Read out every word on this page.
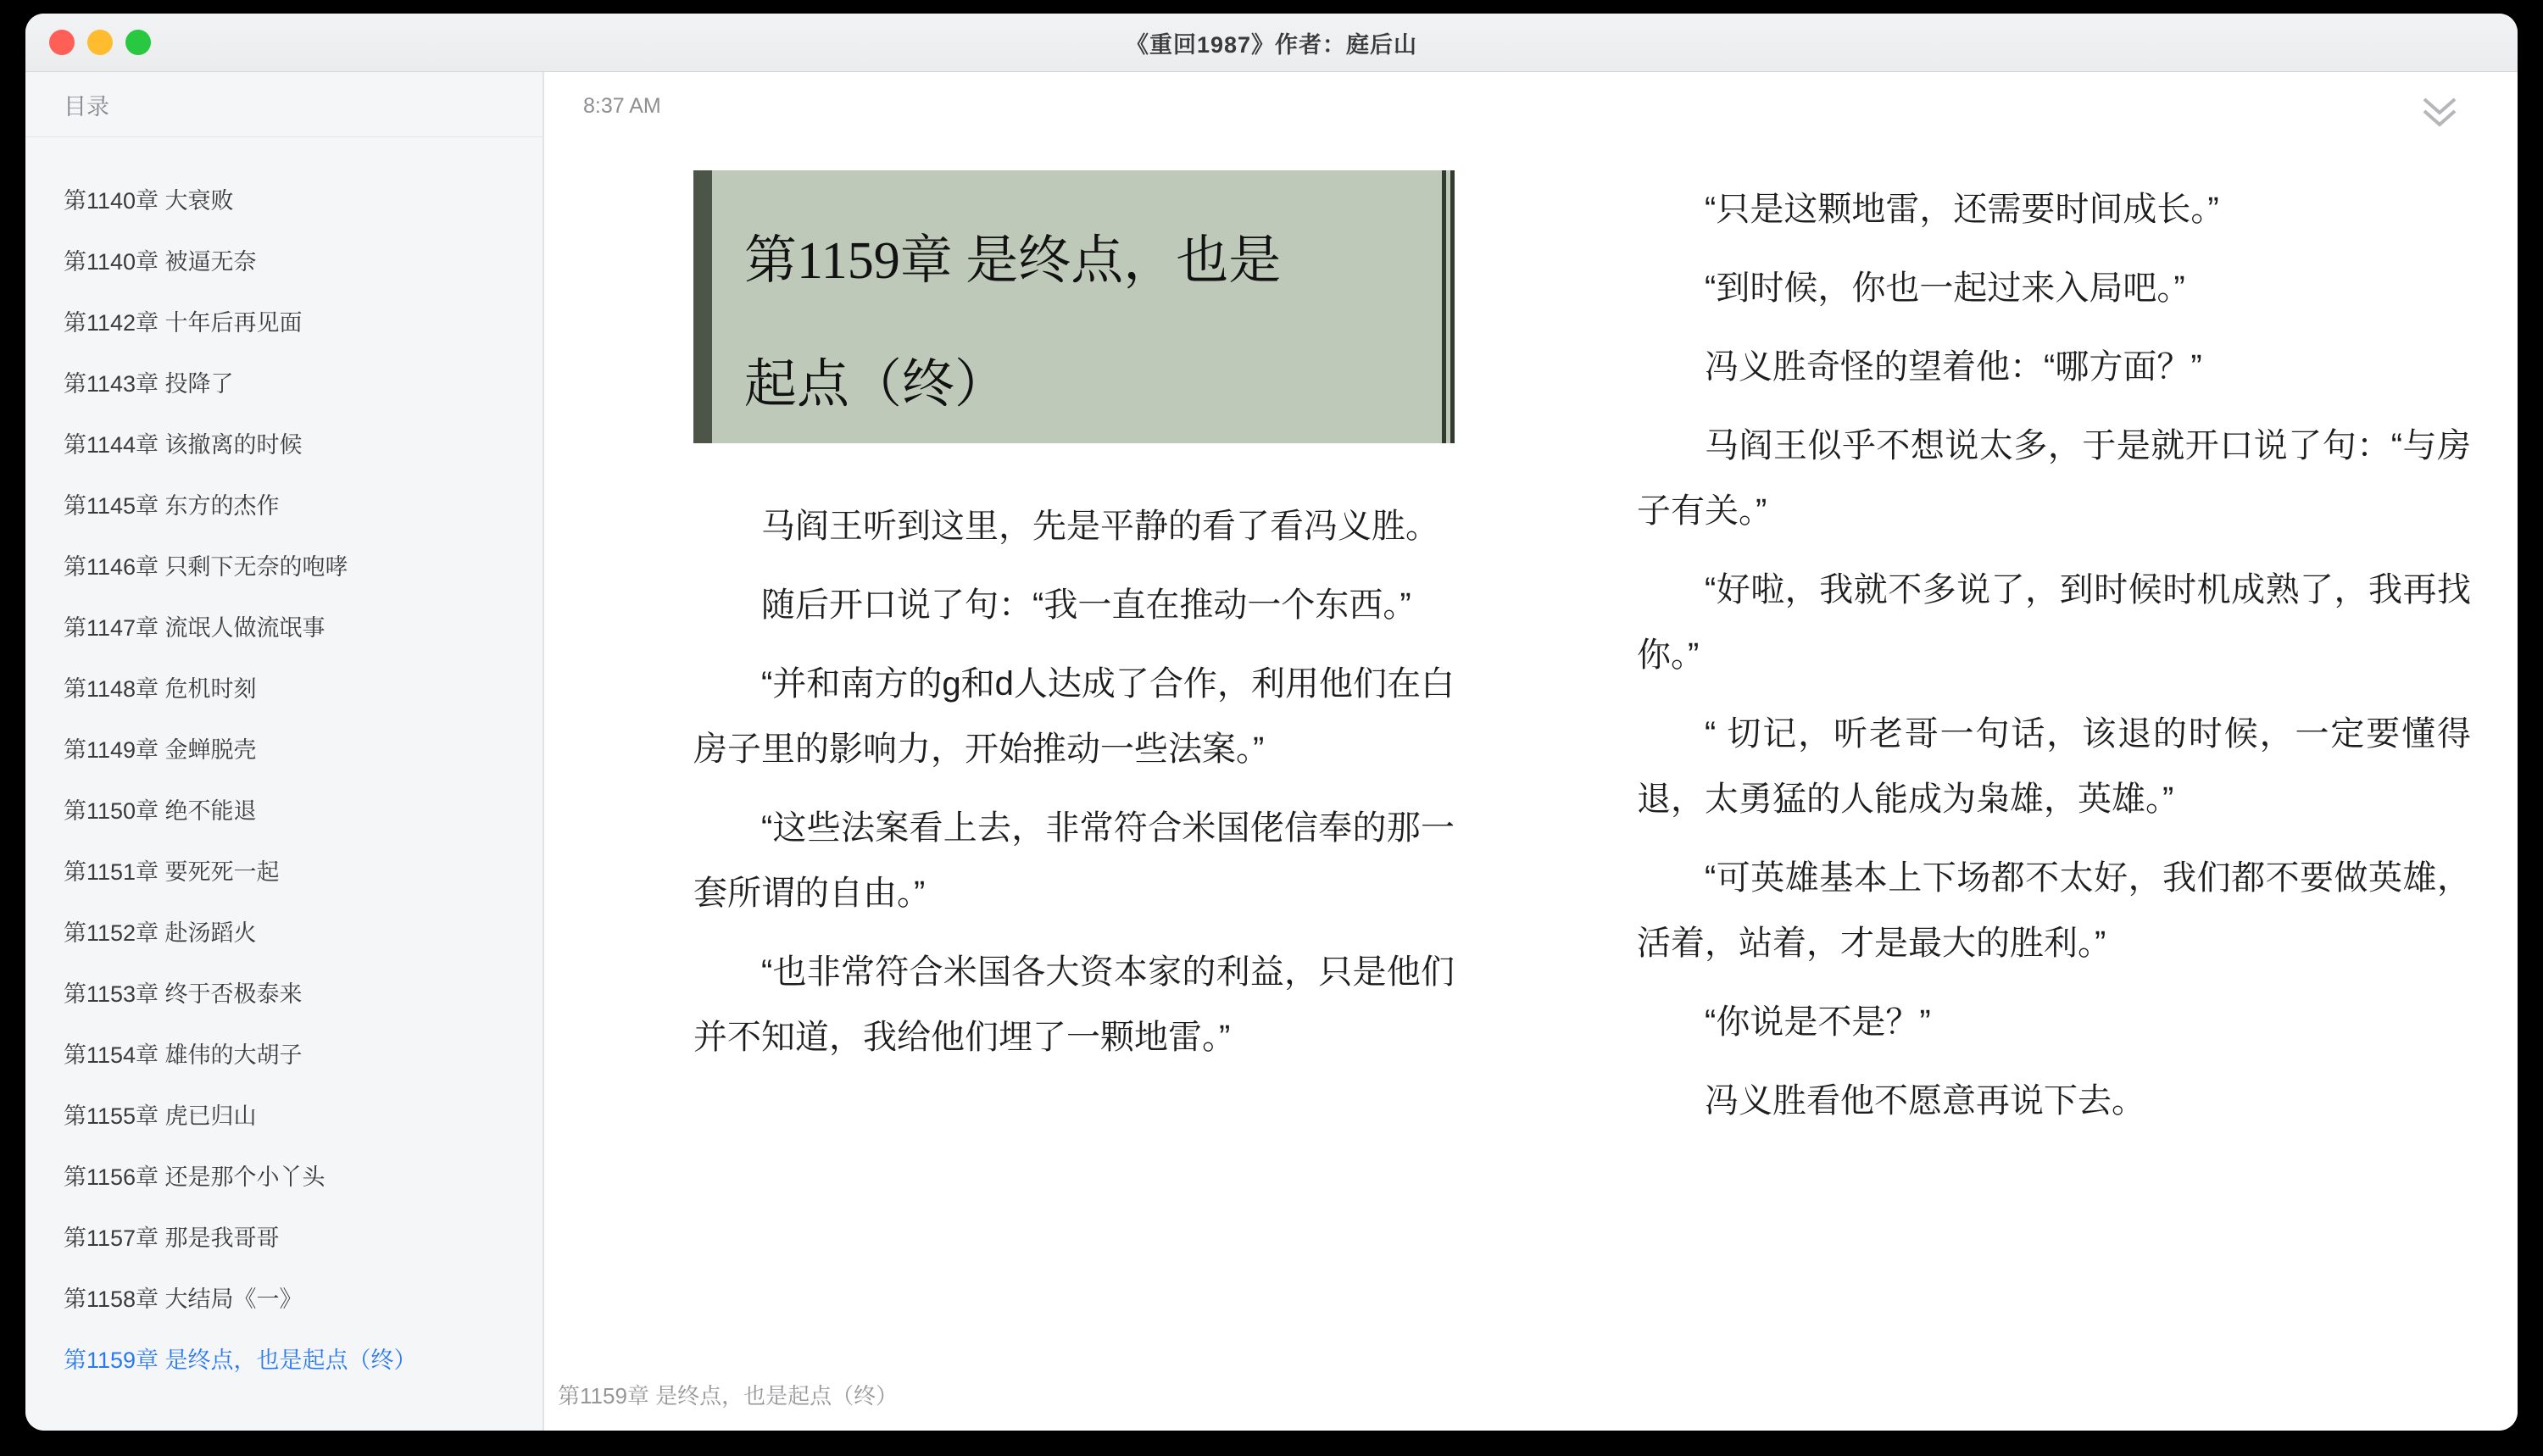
《重回1987》作者：庭后山
目录
第1140章 大衰败
第1140章 被逼无奈
第1142章 十年后再见面
第1143章 投降了
第1144章 该撤离的时候
第1145章 东方的杰作
第1146章 只剩下无奈的咆哮
第1147章 流氓人做流氓事
第1148章 危机时刻
第1149章 金蝉脱壳
第1150章 绝不能退
第1151章 要死死一起
第1152章 赴汤蹈火
第1153章 终于否极泰来
第1154章 雄伟的大胡子
第1155章 虎已归山
第1156章 还是那个小丫头
第1157章 那是我哥哥
第1158章 大结局《一》
第1159章 是终点，也是起点（终）
8:37 AM
第1159章 是终点，也是
起点（终）

马阎王听到这里，先是平静的看了看冯义胜。

随后开口说了句：“我一直在推动一个东西。”

“并和南方的g和d人达成了合作，利用他们在白房子里的影响力，开始推动一些法案。”

“这些法案看上去，非常符合米国佬信奉的那一套所谓的自由。”

“也非常符合米国各大资本家的利益，只是他们并不知道，我给他们埋了一颗地雷。”

“只是这颗地雷，还需要时间成长。”

“到时候，你也一起过来入局吧。”

冯义胜奇怪的望着他：“哪方面？”

马阎王似乎不想说太多，于是就开口说了句：“与房子有关。”

“好啦，我就不多说了，到时候时机成熟了，我再找你。”

“ 切记，听老哥一句话，该退的时候，一定要懂得退，太勇猛的人能成为枭雄，英雄。”

“可英雄基本上下场都不太好，我们都不要做英雄，活着，站着，才是最大的胜利。”

“你说是不是？”

冯义胜看他不愿意再说下去。

第1159章 是终点，也是起点（终）
